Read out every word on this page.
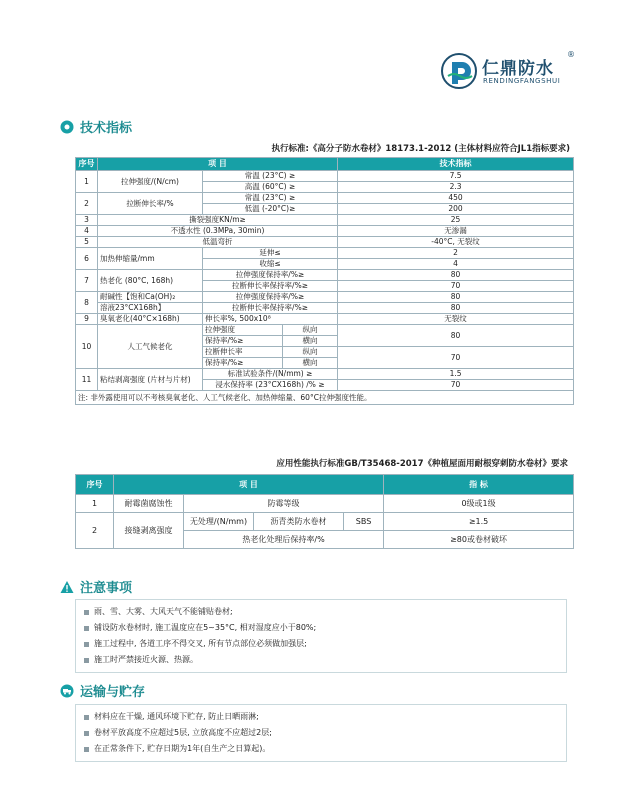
仁鼎防水
®
RENDINGFANGSHUI
技术指标
执行标准:《高分子防水卷材》18173.1-2012 (主体材料应符合JL1指标要求)
序号	项 目			技术指标
1	拉伸强度/(N/cm)	常温 (23°C) ≥		7.5
		高温 (60°C) ≥		2.3
2	拉断伸长率/%	常温 (23°C) ≥		450
		低温 (-20°C)≥		200
3	撕裂强度KN/m≥			25
4	不透水性 (0.3MPa, 30min)			无渗漏
5	低温弯折			-40°C, 无裂纹
6	加热伸缩量/mm	延伸≤		2
		收缩≤		4
7	热老化 (80°C, 168h)	拉伸强度保持率/%≥		80
		拉断伸长率保持率/%≥		70
8	耐碱性【饱和Ca(OH)₂	拉伸强度保持率/%≥		80
	溶液23°CX168h】	拉断伸长率保持率/%≥		80
9	臭氧老化(40°C×168h)	伸长率%, 500x10⁸		无裂纹
10	人工气候老化	拉伸强度	纵向	80
		保持率/%≥	横向	
		拉断伸长率	纵向	70
		保持率/%≥	横向	
11	粘结剥离强度 (片材与片材)	标准试验条件/(N/mm) ≥		1.5
		浸水保持率 (23°CX168h) /% ≥		70
注: 非外露使用可以不考核臭氧老化、人工气候老化、加热伸缩量、60°C拉伸强度性能。				
应用性能执行标准GB/T35468-2017《种植屋面用耐根穿刺防水卷材》要求
序号	项 目				指 标
1	耐霉菌腐蚀性	防霉等级			0级或1级
2	接缝剥离强度	无处理/(N/mm)	沥青类防水卷材	SBS	≥1.5
		热老化处理后保持率/%			≥80或卷材破坏
注意事项
雨、雪、大雾、大风天气不能铺贴卷材;
铺设防水卷材时, 施工温度应在5~35°C, 相对湿度应小于80%;
施工过程中, 各道工序不得交叉, 所有节点部位必须做加强层;
施工时严禁接近火源、热源。
运输与贮存
材料应在干燥, 通风环境下贮存, 防止日晒雨淋;
卷材平放高度不应超过5层, 立放高度不应超过2层;
在正常条件下, 贮存日期为1年(自生产之日算起)。
